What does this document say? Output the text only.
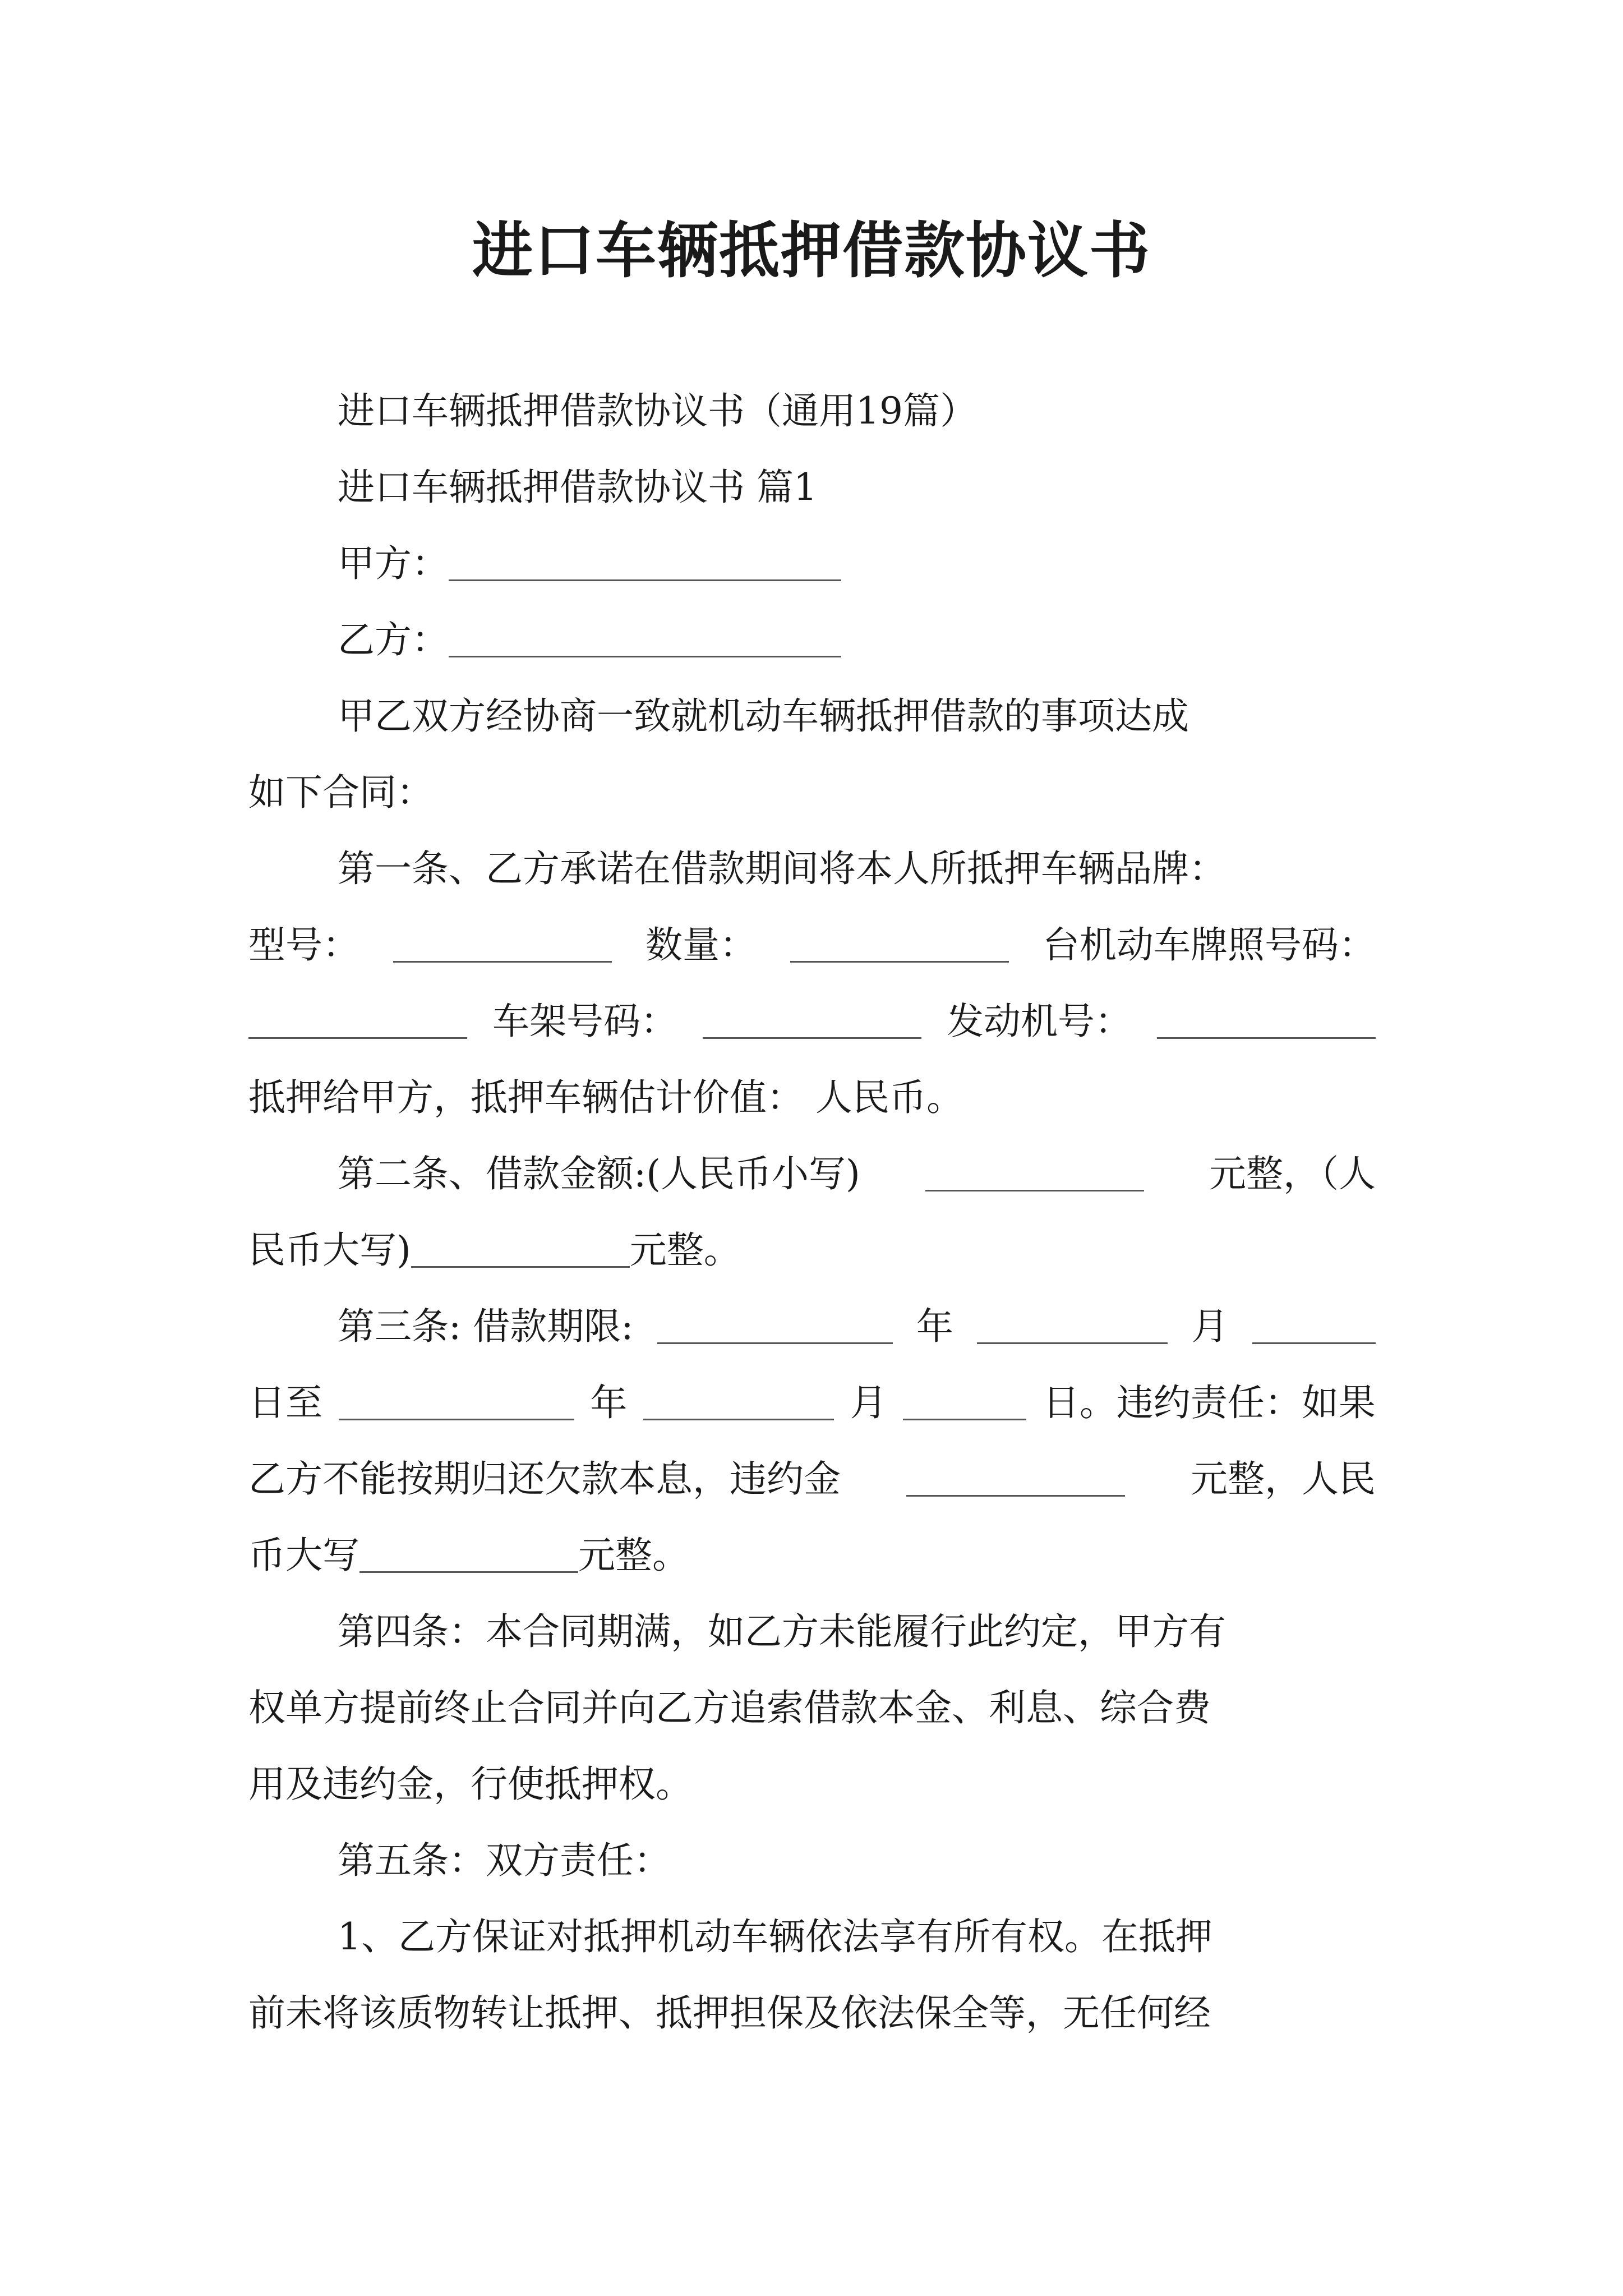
进口车辆抵押借款协议书
进口车辆抵押借款协议书（通用19篇）
进口车辆抵押借款协议书 篇1
甲方：
乙方：
甲乙双方经协商一致就机动车辆抵押借款的事项达成
如下合同：
第一条、乙方承诺在借款期间将本人所抵押车辆品牌：
型号：	数量：	台机动车牌照号码：
车架号码：	发动机号：
抵押给甲方，抵押车辆估计价值： 人民币。
第二条、借款金额:(人民币小写)	元整，（人
民币大写)	元整。
第三条: 借款期限:	年	月
日至	年	月	日。违约责任：如果
乙方不能按期归还欠款本息，违约金	元整，人民
币大写	元整。
第四条：本合同期满，如乙方未能履行此约定，甲方有
权单方提前终止合同并向乙方追索借款本金、利息、综合费
用及违约金，行使抵押权。
第五条：双方责任：
1、乙方保证对抵押机动车辆依法享有所有权。在抵押
前未将该质物转让抵押、抵押担保及依法保全等，无任何经
